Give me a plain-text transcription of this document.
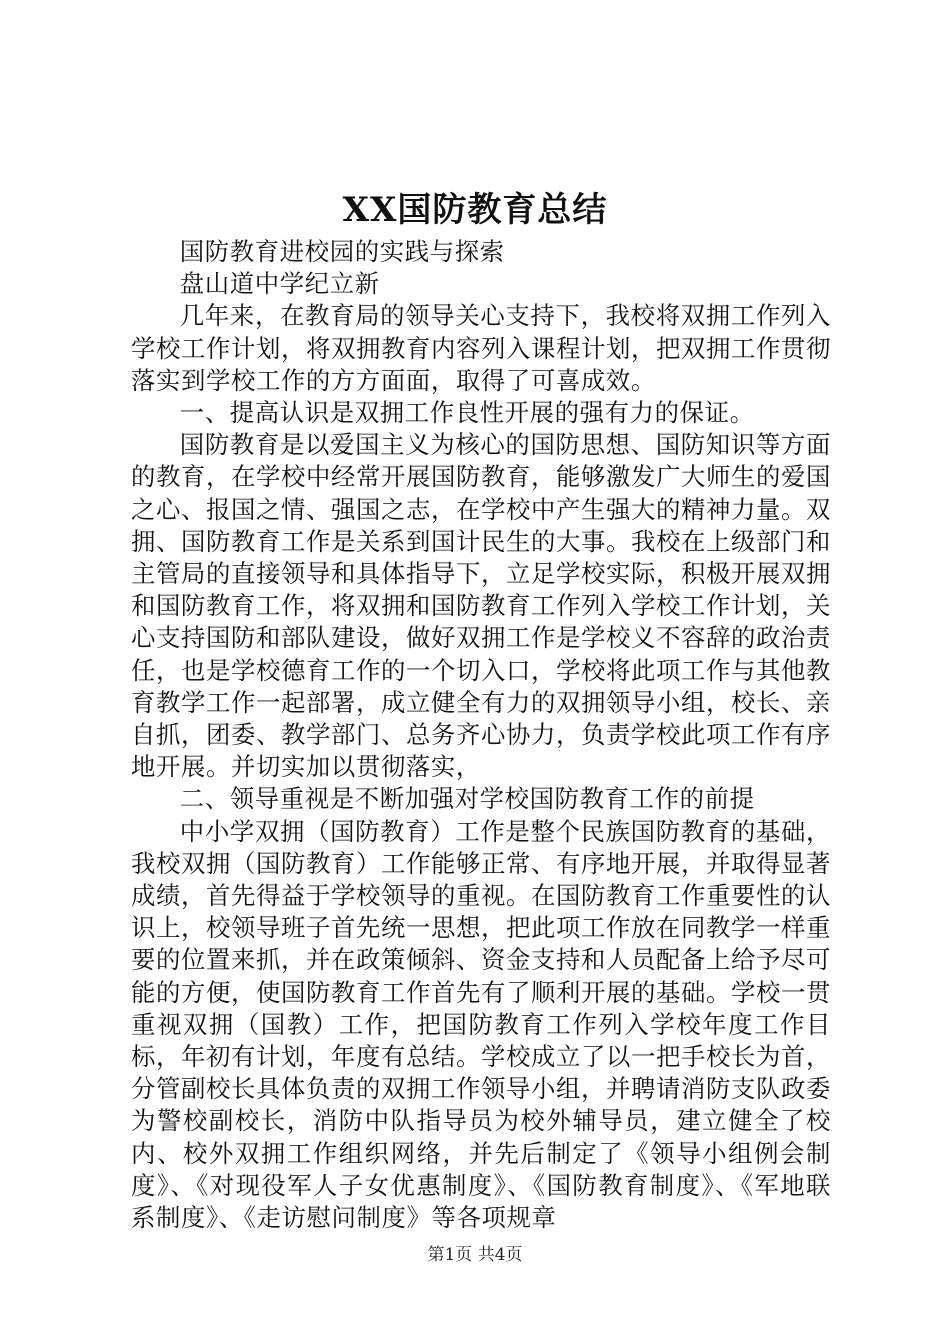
XX国防教育总结

国防教育进校园的实践与探索

盘山道中学纪立新

几年来，在教育局的领导关心支持下，我校将双拥工作列入学校工作计划，将双拥教育内容列入课程计划，把双拥工作贯彻落实到学校工作的方方面面，取得了可喜成效。

一、提高认识是双拥工作良性开展的强有力的保证。

国防教育是以爱国主义为核心的国防思想、国防知识等方面的教育，在学校中经常开展国防教育，能够激发广大师生的爱国之心、报国之情、强国之志，在学校中产生强大的精神力量。双拥、国防教育工作是关系到国计民生的大事。我校在上级部门和主管局的直接领导和具体指导下，立足学校实际，积极开展双拥和国防教育工作，将双拥和国防教育工作列入学校工作计划，关心支持国防和部队建设，做好双拥工作是学校义不容辞的政治责任，也是学校德育工作的一个切入口，学校将此项工作与其他教育教学工作一起部署，成立健全有力的双拥领导小组，校长、亲自抓，团委、教学部门、总务齐心协力，负责学校此项工作有序地开展。并切实加以贯彻落实，

二、领导重视是不断加强对学校国防教育工作的前提

中小学双拥（国防教育）工作是整个民族国防教育的基础，我校双拥（国防教育）工作能够正常、有序地开展，并取得显著成绩，首先得益于学校领导的重视。在国防教育工作重要性的认识上，校领导班子首先统一思想，把此项工作放在同教学一样重要的位置来抓，并在政策倾斜、资金支持和人员配备上给予尽可能的方便，使国防教育工作首先有了顺利开展的基础。学校一贯重视双拥（国教）工作，把国防教育工作列入学校年度工作目标，年初有计划，年度有总结。学校成立了以一把手校长为首，分管副校长具体负责的双拥工作领导小组，并聘请消防支队政委为警校副校长，消防中队指导员为校外辅导员，建立健全了校内、校外双拥工作组织网络，并先后制定了《领导小组例会制度》、《对现役军人子女优惠制度》、《国防教育制度》、《军地联系制度》、《走访慰问制度》等各项规章

第1页 共4页
